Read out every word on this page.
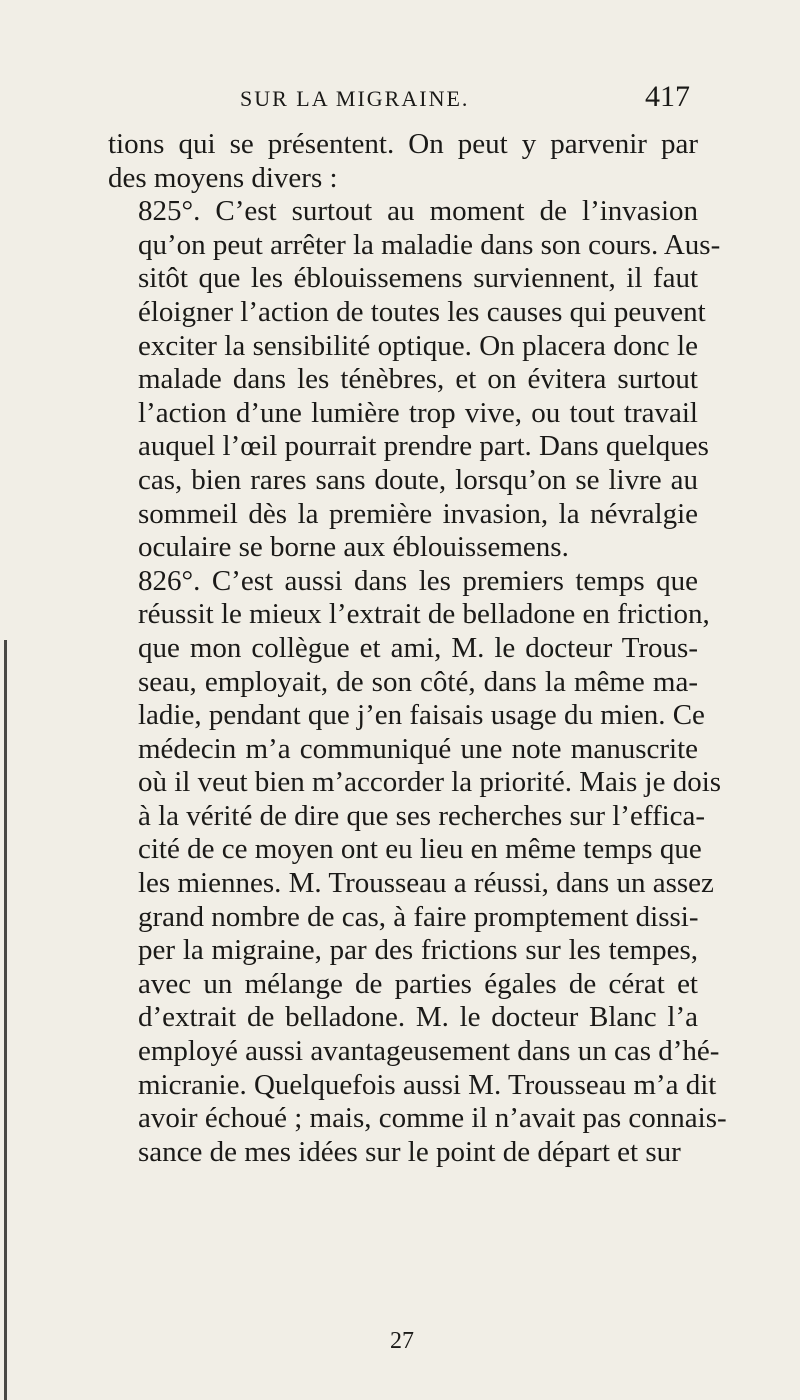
SUR LA MIGRAINE.	417

tions qui se présentent. On peut y parvenir par
des moyens divers :

825°. C’est surtout au moment de l’invasion
qu’on peut arrêter la maladie dans son cours. Aus-
sitôt que les éblouissemens surviennent, il faut
éloigner l’action de toutes les causes qui peuvent
exciter la sensibilité optique. On placera donc le
malade dans les ténèbres, et on évitera surtout
l’action d’une lumière trop vive, ou tout travail
auquel l’œil pourrait prendre part. Dans quelques
cas, bien rares sans doute, lorsqu’on se livre au
sommeil dès la première invasion, la névralgie
oculaire se borne aux éblouissemens.

826°. C’est aussi dans les premiers temps que
réussit le mieux l’extrait de belladone en friction,
que mon collègue et ami, M. le docteur Trous-
seau, employait, de son côté, dans la même ma-
ladie, pendant que j’en faisais usage du mien. Ce
médecin m’a communiqué une note manuscrite
où il veut bien m’accorder la priorité. Mais je dois
à la vérité de dire que ses recherches sur l’effica-
cité de ce moyen ont eu lieu en même temps que
les miennes. M. Trousseau a réussi, dans un assez
grand nombre de cas, à faire promptement dissi-
per la migraine, par des frictions sur les tempes,
avec un mélange de parties égales de cérat et
d’extrait de belladone. M. le docteur Blanc l’a
employé aussi avantageusement dans un cas d’hé-
micranie. Quelquefois aussi M. Trousseau m’a dit
avoir échoué ; mais, comme il n’avait pas connais-
sance de mes idées sur le point de départ et sur

27
